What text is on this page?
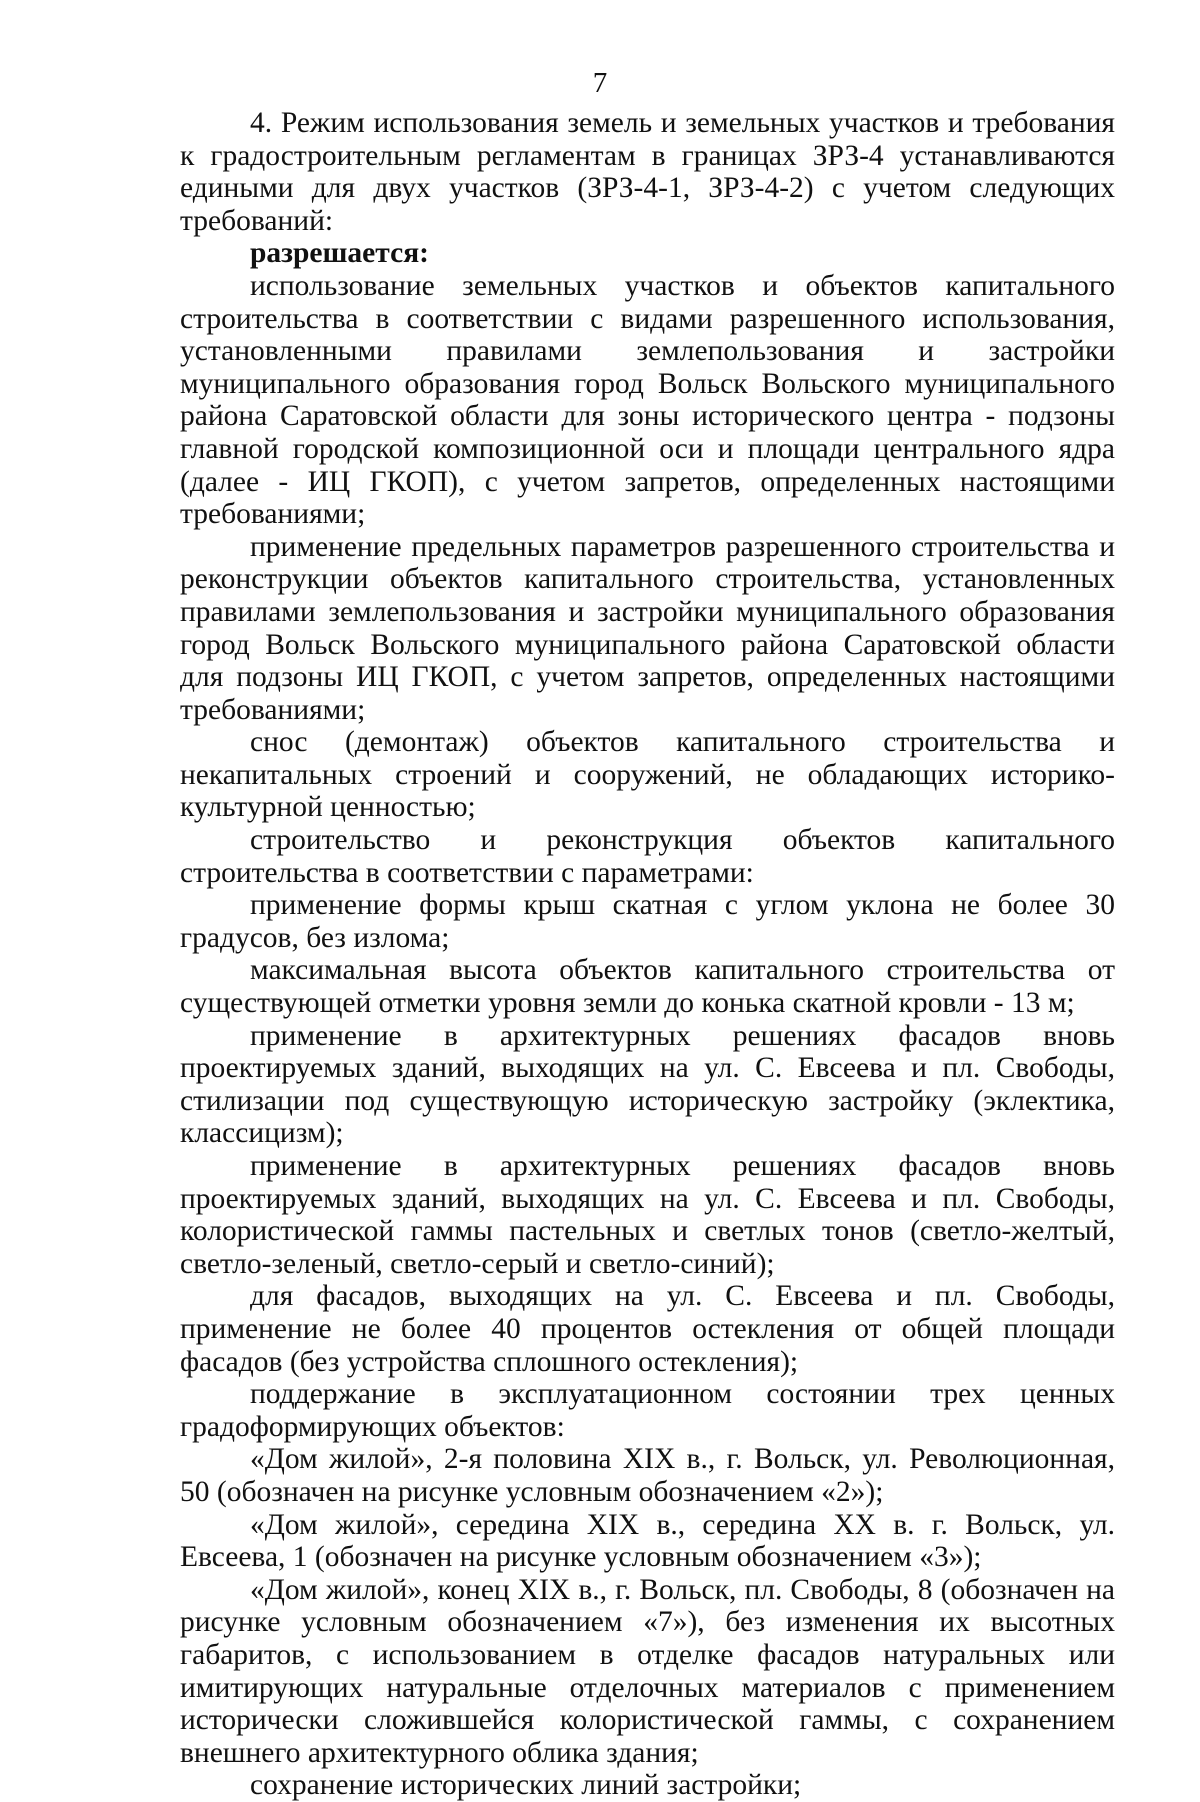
7

4. Режим использования земель и земельных участков и требования к градостроительным регламентам в границах ЗРЗ-4 устанавливаются едиными для двух участков (ЗРЗ-4-1, ЗРЗ-4-2) с учетом следующих требований:

разрешается:

использование земельных участков и объектов капитального строительства в соответствии с видами разрешенного использования, установленными правилами землепользования и застройки муниципального образования город Вольск Вольского муниципального района Саратовской области для зоны исторического центра - подзоны главной городской композиционной оси и площади центрального ядра (далее - ИЦ ГКОП), с учетом запретов, определенных настоящими требованиями;

применение предельных параметров разрешенного строительства и реконструкции объектов капитального строительства, установленных правилами землепользования и застройки муниципального образования город Вольск Вольского муниципального района Саратовской области для подзоны ИЦ ГКОП, с учетом запретов, определенных настоящими требованиями;

снос (демонтаж) объектов капитального строительства и некапитальных строений и сооружений, не обладающих историко-культурной ценностью;

строительство и реконструкция объектов капитального строительства в соответствии с параметрами:

применение формы крыш скатная с углом уклона не более 30 градусов, без излома;

максимальная высота объектов капитального строительства от существующей отметки уровня земли до конька скатной кровли - 13 м;

применение в архитектурных решениях фасадов вновь проектируемых зданий, выходящих на ул. С. Евсеева и пл. Свободы, стилизации под существующую историческую застройку (эклектика, классицизм);

применение в архитектурных решениях фасадов вновь проектируемых зданий, выходящих на ул. С. Евсеева и пл. Свободы, колористической гаммы пастельных и светлых тонов (светло-желтый, светло-зеленый, светло-серый и светло-синий);

для фасадов, выходящих на ул. С. Евсеева и пл. Свободы, применение не более 40 процентов остекления от общей площади фасадов (без устройства сплошного остекления);

поддержание в эксплуатационном состоянии трех ценных градоформирующих объектов:

«Дом жилой», 2-я половина XIX в., г. Вольск, ул. Революционная, 50 (обозначен на рисунке условным обозначением «2»);

«Дом жилой», середина XIX в., середина XX в. г. Вольск, ул. Евсеева, 1 (обозначен на рисунке условным обозначением «3»);

«Дом жилой», конец XIX в., г. Вольск, пл. Свободы, 8 (обозначен на рисунке условным обозначением «7»), без изменения их высотных габаритов, с использованием в отделке фасадов натуральных или имитирующих натуральные отделочных материалов с применением исторически сложившейся колористической гаммы, с сохранением внешнего архитектурного облика здания;

сохранение исторических линий застройки;
